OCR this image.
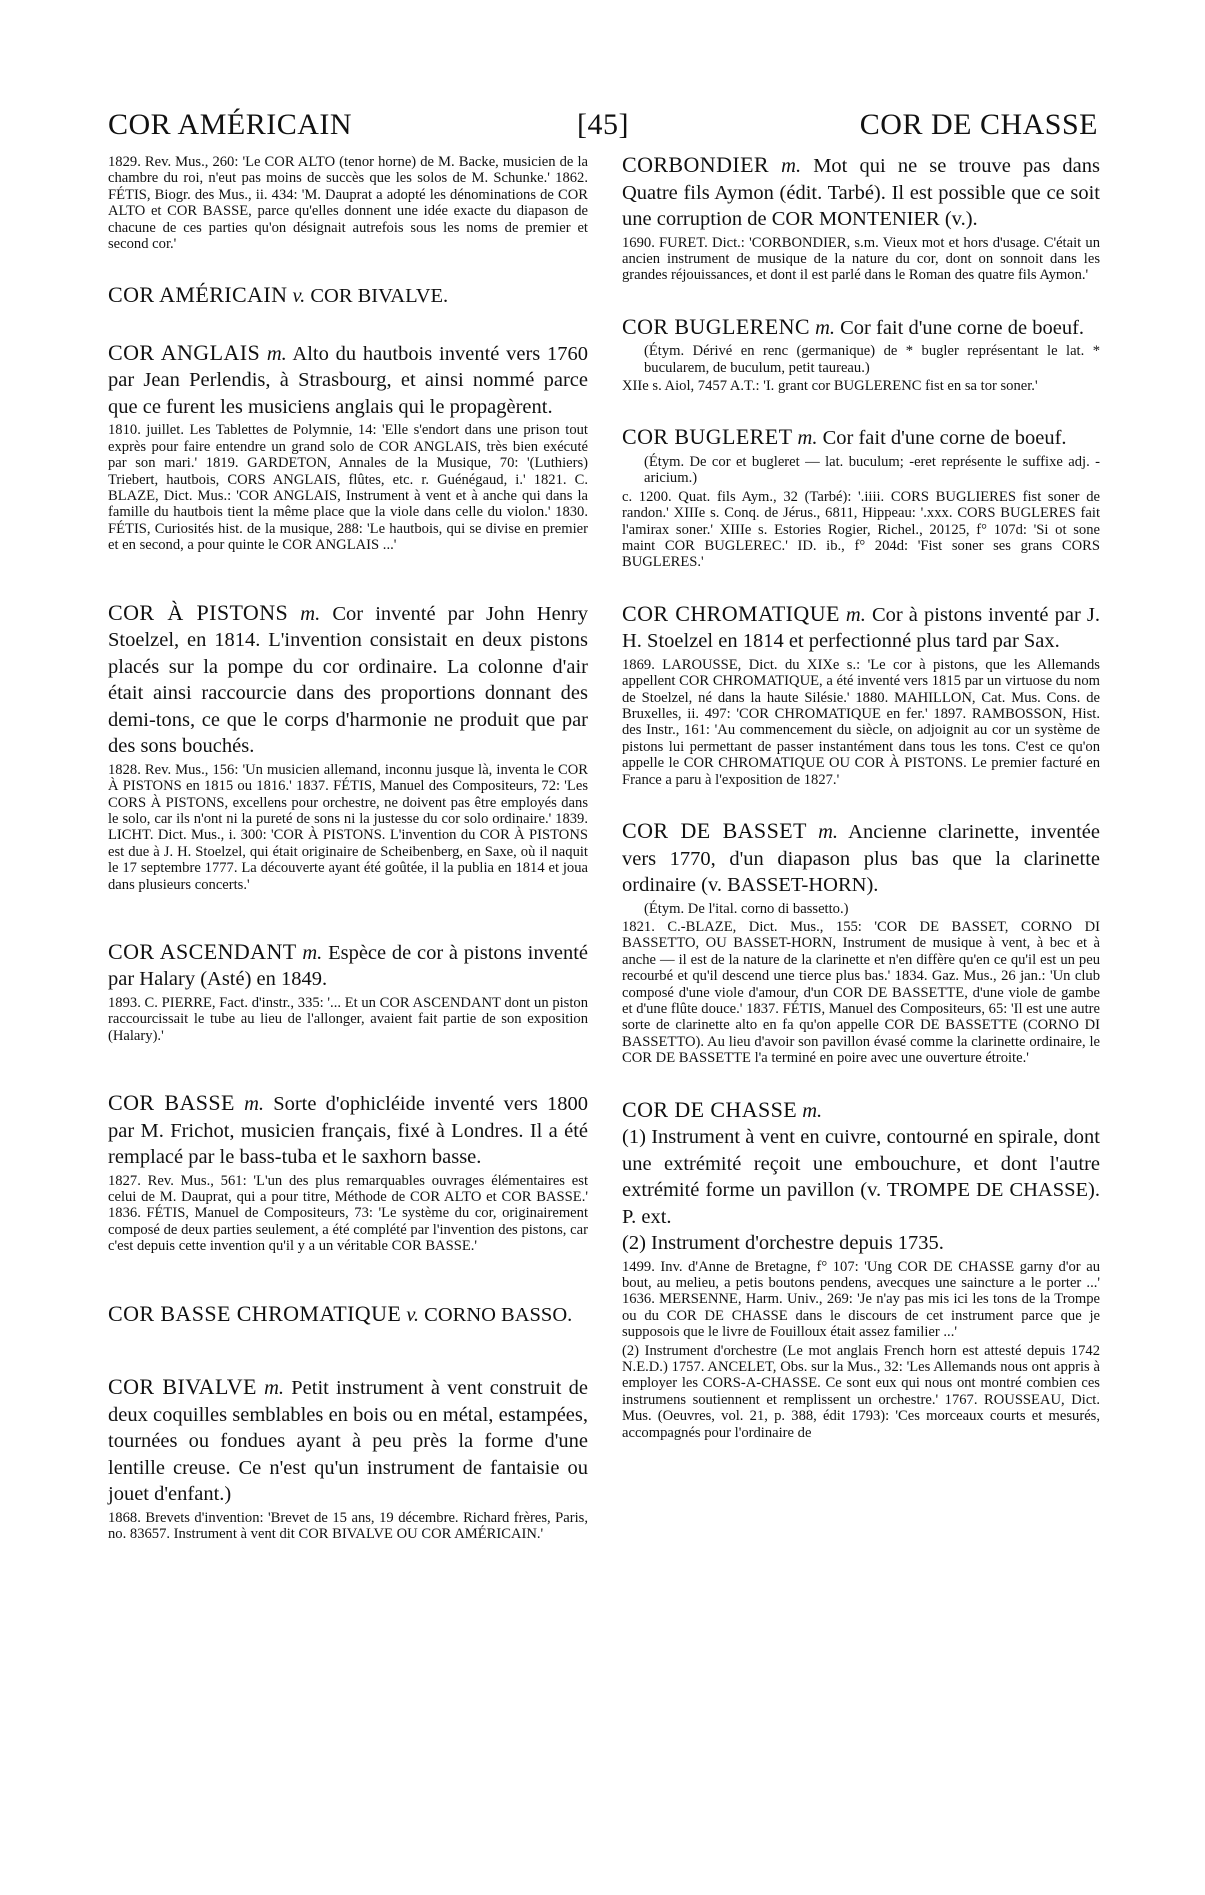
COR AMÉRICAIN	[45]	COR DE CHASSE

1829. Rev. Mus., 260: 'Le COR ALTO (tenor horne) de M. Backe, musicien de la chambre du roi, n'eut pas moins de succès que les solos de M. Schunke.' 1862. FÉTIS, Biogr. des Mus., ii. 434: 'M. Dauprat a adopté les dénominations de COR ALTO et COR BASSE, parce qu'elles donnent une idée exacte du diapason de chacune de ces parties qu'on désignait autrefois sous les noms de premier et second cor.'

COR AMÉRICAIN v. COR BIVALVE.

COR ANGLAIS m. Alto du hautbois inventé vers 1760 par Jean Perlendis, à Strasbourg, et ainsi nommé parce que ce furent les musiciens anglais qui le propagèrent.

1810. juillet. Les Tablettes de Polymnie, 14: 'Elle s'endort dans une prison tout exprès pour faire entendre un grand solo de COR ANGLAIS, très bien exécuté par son mari.' 1819. GARDETON, Annales de la Musique, 70: '(Luthiers) Triebert, hautbois, CORS ANGLAIS, flûtes, etc. r. Guénégaud, i.' 1821. C. BLAZE, Dict. Mus.: 'COR ANGLAIS, Instrument à vent et à anche qui dans la famille du hautbois tient la même place que la viole dans celle du violon.' 1830. FÉTIS, Curiosités hist. de la musique, 288: 'Le hautbois, qui se divise en premier et en second, a pour quinte le COR ANGLAIS ...'

COR À PISTONS m. Cor inventé par John Henry Stoelzel, en 1814. L'invention consistait en deux pistons placés sur la pompe du cor ordinaire. La colonne d'air était ainsi raccourcie dans des proportions donnant des demi-tons, ce que le corps d'harmonie ne produit que par des sons bouchés.

1828. Rev. Mus., 156: 'Un musicien allemand, inconnu jusque là, inventa le COR À PISTONS en 1815 ou 1816.' 1837. FÉTIS, Manuel des Compositeurs, 72: 'Les CORS À PISTONS, excellens pour orchestre, ne doivent pas être employés dans le solo, car ils n'ont ni la pureté de sons ni la justesse du cor solo ordinaire.' 1839. LICHT. Dict. Mus., i. 300: 'COR À PISTONS. L'invention du COR À PISTONS est due à J. H. Stoelzel, qui était originaire de Scheibenberg, en Saxe, où il naquit le 17 septembre 1777. La découverte ayant été goûtée, il la publia en 1814 et joua dans plusieurs concerts.'

COR ASCENDANT m. Espèce de cor à pistons inventé par Halary (Asté) en 1849.

1893. C. PIERRE, Fact. d'instr., 335: '... Et un COR ASCENDANT dont un piston raccourcissait le tube au lieu de l'allonger, avaient fait partie de son exposition (Halary).'

COR BASSE m. Sorte d'ophicléide inventé vers 1800 par M. Frichot, musicien français, fixé à Londres. Il a été remplacé par le bass-tuba et le saxhorn basse.

1827. Rev. Mus., 561: 'L'un des plus remarquables ouvrages élémentaires est celui de M. Dauprat, qui a pour titre, Méthode de COR ALTO et COR BASSE.' 1836. FÉTIS, Manuel de Compositeurs, 73: 'Le système du cor, originairement composé de deux parties seulement, a été complété par l'invention des pistons, car c'est depuis cette invention qu'il y a un véritable COR BASSE.'

COR BASSE CHROMATIQUE v. CORNO BASSO.

COR BIVALVE m. Petit instrument à vent construit de deux coquilles semblables en bois ou en métal, estampées, tournées ou fondues ayant à peu près la forme d'une lentille creuse. Ce n'est qu'un instrument de fantaisie ou jouet d'enfant.)

1868. Brevets d'invention: 'Brevet de 15 ans, 19 décembre. Richard frères, Paris, no. 83657. Instrument à vent dit COR BIVALVE OU COR AMÉRICAIN.'

CORBONDIER m. Mot qui ne se trouve pas dans Quatre fils Aymon (édit. Tarbé). Il est possible que ce soit une corruption de COR MONTENIER (v.).

1690. FURET. Dict.: 'CORBONDIER, s.m. Vieux mot et hors d'usage. C'était un ancien instrument de musique de la nature du cor, dont on sonnoit dans les grandes réjouissances, et dont il est parlé dans le Roman des quatre fils Aymon.'

COR BUGLERENC m. Cor fait d'une corne de boeuf.

(Étym. Dérivé en renc (germanique) de * bugler représentant le lat. * bucularem, de buculum, petit taureau.)

XIIe s. Aiol, 7457 A.T.: 'I. grant cor BUGLERENC fist en sa tor soner.'

COR BUGLERET m. Cor fait d'une corne de boeuf.

(Étym. De cor et bugleret — lat. buculum; -eret représente le suffixe adj. -aricium.)

c. 1200. Quat. fils Aym., 32 (Tarbé): '.iiii. CORS BUGLIERES fist soner de randon.' XIIIe s. Conq. de Jérus., 6811, Hippeau: '.xxx. CORS BUGLERES fait l'amirax soner.' XIIIe s. Estories Rogier, Richel., 20125, f° 107d: 'Si ot sone maint COR BUGLEREC.' ID. ib., f° 204d: 'Fist soner ses grans CORS BUGLERES.'

COR CHROMATIQUE m. Cor à pistons inventé par J. H. Stoelzel en 1814 et perfectionné plus tard par Sax.

1869. LAROUSSE, Dict. du XIXe s.: 'Le cor à pistons, que les Allemands appellent COR CHROMATIQUE, a été inventé vers 1815 par un virtuose du nom de Stoelzel, né dans la haute Silésie.' 1880. MAHILLON, Cat. Mus. Cons. de Bruxelles, ii. 497: 'COR CHROMATIQUE en fer.' 1897. RAMBOSSON, Hist. des Instr., 161: 'Au commencement du siècle, on adjoignit au cor un système de pistons lui permettant de passer instantément dans tous les tons. C'est ce qu'on appelle le COR CHROMATIQUE OU COR À PISTONS. Le premier facturé en France a paru à l'exposition de 1827.'

COR DE BASSET m. Ancienne clarinette, inventée vers 1770, d'un diapason plus bas que la clarinette ordinaire (v. BASSET-HORN).

(Étym. De l'ital. corno di bassetto.)

1821. C.-BLAZE, Dict. Mus., 155: 'COR DE BASSET, CORNO DI BASSETTO, OU BASSET-HORN, Instrument de musique à vent, à bec et à anche — il est de la nature de la clarinette et n'en diffère qu'en ce qu'il est un peu recourbé et qu'il descend une tierce plus bas.' 1834. Gaz. Mus., 26 jan.: 'Un club composé d'une viole d'amour, d'un COR DE BASSETTE, d'une viole de gambe et d'une flûte douce.' 1837. FÉTIS, Manuel des Compositeurs, 65: 'Il est une autre sorte de clarinette alto en fa qu'on appelle COR DE BASSETTE (CORNO DI BASSETTO). Au lieu d'avoir son pavillon évasé comme la clarinette ordinaire, le COR DE BASSETTE l'a terminé en poire avec une ouverture étroite.'

COR DE CHASSE m.

(1) Instrument à vent en cuivre, contourné en spirale, dont une extrémité reçoit une embouchure, et dont l'autre extrémité forme un pavillon (v. TROMPE DE CHASSE). P. ext.

(2) Instrument d'orchestre depuis 1735.

1499. Inv. d'Anne de Bretagne, f° 107: 'Ung COR DE CHASSE garny d'or au bout, au melieu, a petis boutons pendens, avecques une saincture a le porter ...' 1636. MERSENNE, Harm. Univ., 269: 'Je n'ay pas mis ici les tons de la Trompe ou du COR DE CHASSE dans le discours de cet instrument parce que je supposois que le livre de Fouilloux était assez familier ...'

(2) Instrument d'orchestre (Le mot anglais French horn est attesté depuis 1742 N.E.D.) 1757. ANCELET, Obs. sur la Mus., 32: 'Les Allemands nous ont appris à employer les CORS-A-CHASSE. Ce sont eux qui nous ont montré combien ces instrumens soutiennent et remplissent un orchestre.' 1767. ROUSSEAU, Dict. Mus. (Oeuvres, vol. 21, p. 388, édit 1793): 'Ces morceaux courts et mesurés, accompagnés pour l'ordinaire de
